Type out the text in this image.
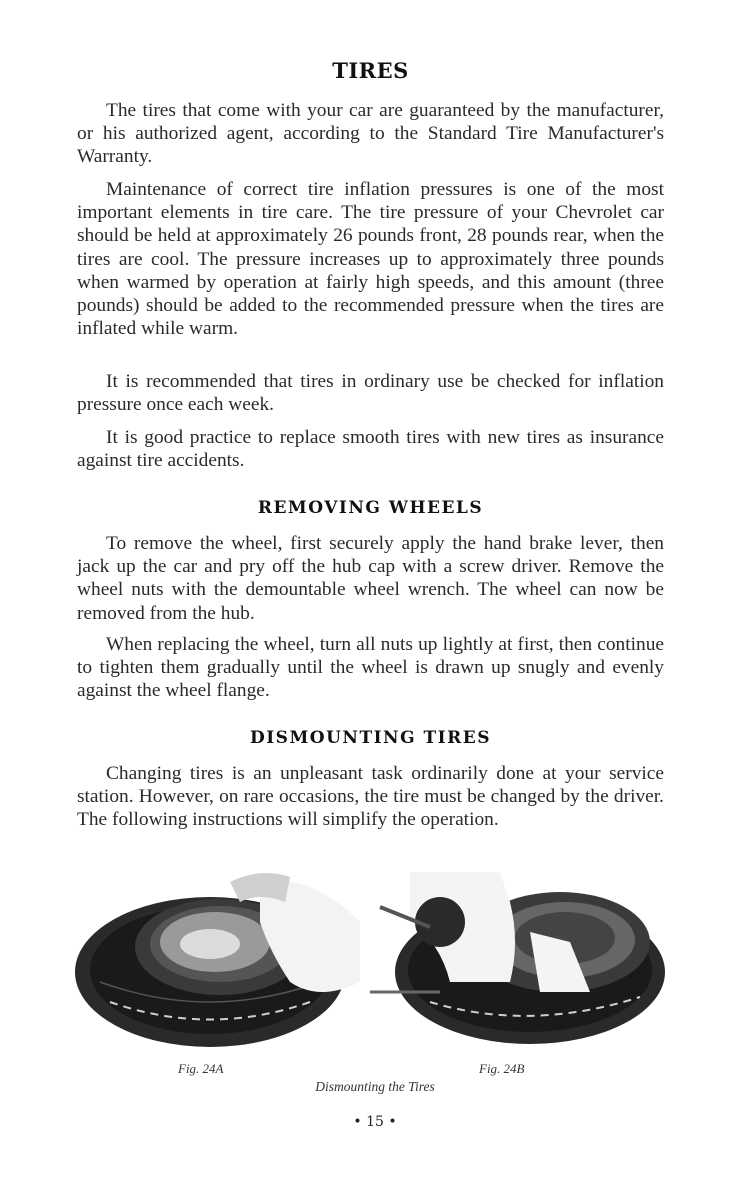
TIRES

The tires that come with your car are guaranteed by the manufacturer, or his authorized agent, according to the Standard Tire Manufacturer's Warranty.

Maintenance of correct tire inflation pressures is one of the most important elements in tire care. The tire pressure of your Chevrolet car should be held at approximately 26 pounds front, 28 pounds rear, when the tires are cool. The pressure increases up to approximately three pounds when warmed by operation at fairly high speeds, and this amount (three pounds) should be added to the recommended pressure when the tires are inflated while warm.

It is recommended that tires in ordinary use be checked for inflation pressure once each week.

It is good practice to replace smooth tires with new tires as insurance against tire accidents.

REMOVING WHEELS

To remove the wheel, first securely apply the hand brake lever, then jack up the car and pry off the hub cap with a screw driver. Remove the wheel nuts with the demountable wheel wrench. The wheel can now be removed from the hub.

When replacing the wheel, turn all nuts up lightly at first, then continue to tighten them gradually until the wheel is drawn up snugly and evenly against the wheel flange.

DISMOUNTING TIRES

Changing tires is an unpleasant task ordinarily done at your service station. However, on rare occasions, the tire must be changed by the driver. The following instructions will simplify the operation.

Fig. 24A	Fig. 24B
Dismounting the Tires
• 15 •
